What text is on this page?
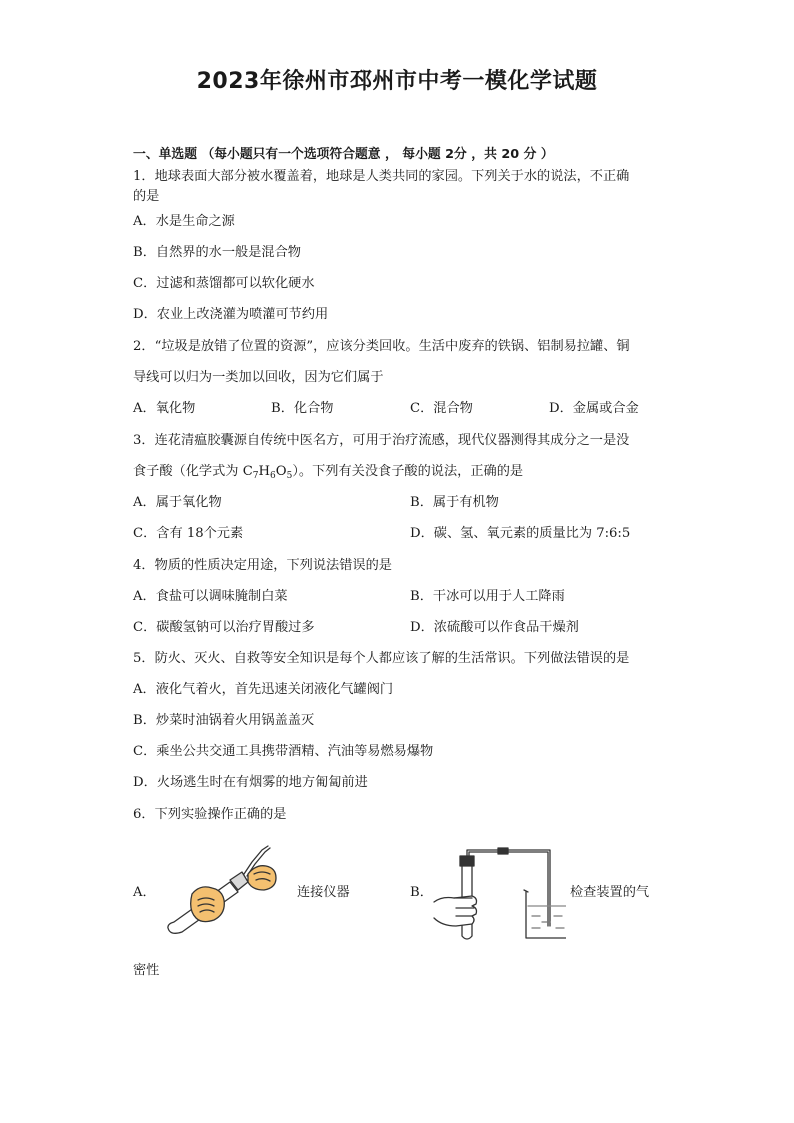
2023年徐州市邳州市中考一模化学试题
一、单选题 （每小题只有一个选项符合题意 ， 每小题 2分 ，共 20 分 ）
1．地球表面大部分被水覆盖着，地球是人类共同的家园。下列关于水的说法，不正确
的是
A．水是生命之源
B．自然界的水一般是混合物
C．过滤和蒸馏都可以软化硬水
D．农业上改浇灌为喷灌可节约用
2．“垃圾是放错了位置的资源”，应该分类回收。生活中废弃的铁锅、铝制易拉罐、铜
导线可以归为一类加以回收，因为它们属于
A．氧化物	B．化合物	C．混合物	D．金属或合金
3．连花清瘟胶囊源自传统中医名方，可用于治疗流感，现代仪器测得其成分之一是没
食子酸（化学式为 $C_7H_6O_5$）。下列有关没食子酸的说法，正确的是
A．属于氧化物	B．属于有机物
C．含有 18个元素	D．碳、氢、氧元素的质量比为 7:6:5
4．物质的性质决定用途，下列说法错误的是
A．食盐可以调味腌制白菜	B．干冰可以用于人工降雨
C．碳酸氢钠可以治疗胃酸过多	D．浓硫酸可以作食品干燥剂
5．防火、灭火、自救等安全知识是每个人都应该了解的生活常识。下列做法错误的是
A．液化气着火，首先迅速关闭液化气罐阀门
B．炒菜时油锅着火用锅盖盖灭
C．乘坐公共交通工具携带酒精、汽油等易燃易爆物
D．火场逃生时在有烟雾的地方匍匐前进
6．下列实验操作正确的是
A．	连接仪器	B．	检查装置的气
密性
